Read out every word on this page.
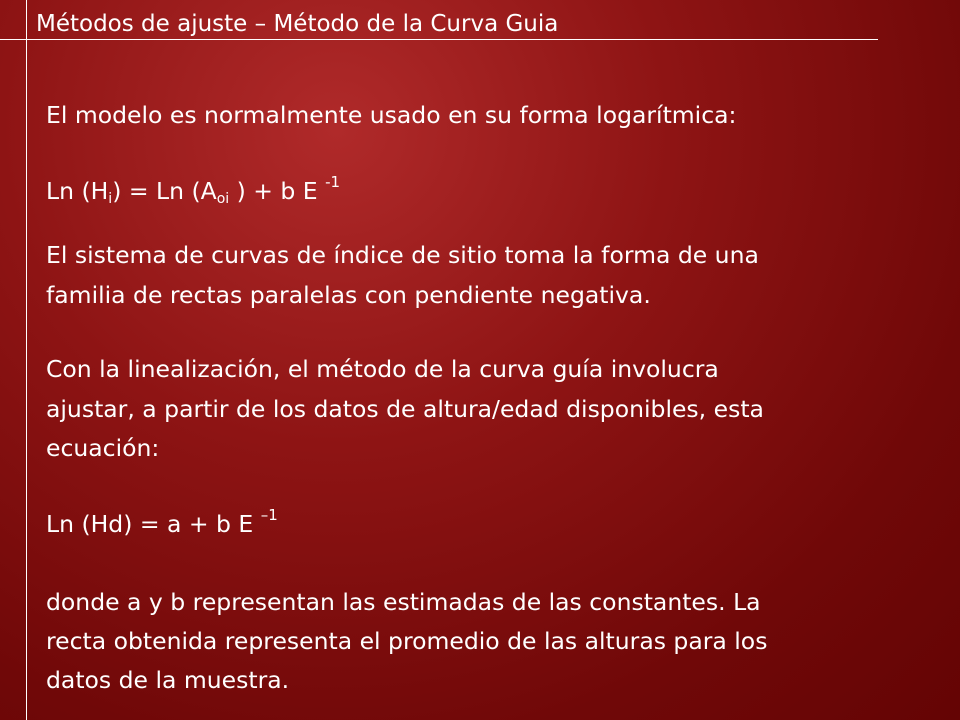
Métodos de ajuste – Método de la Curva Guia
El modelo es normalmente usado en su forma logarítmica:
Ln $(H_i) = Ln$ ($A_{oi}$ ) + b E $^{-1}$
El sistema de curvas de índice de sitio toma la forma de una
familia de rectas paralelas con pendiente negativa.
Con la linealización, el método de la curva guía involucra
ajustar, a partir de los datos de altura/edad disponibles, esta
ecuación:
Ln (Hd) = a + b E $^{-1}$
donde a y b representan las estimadas de las constantes. La
recta obtenida representa el promedio de las alturas para los
datos de la muestra.
